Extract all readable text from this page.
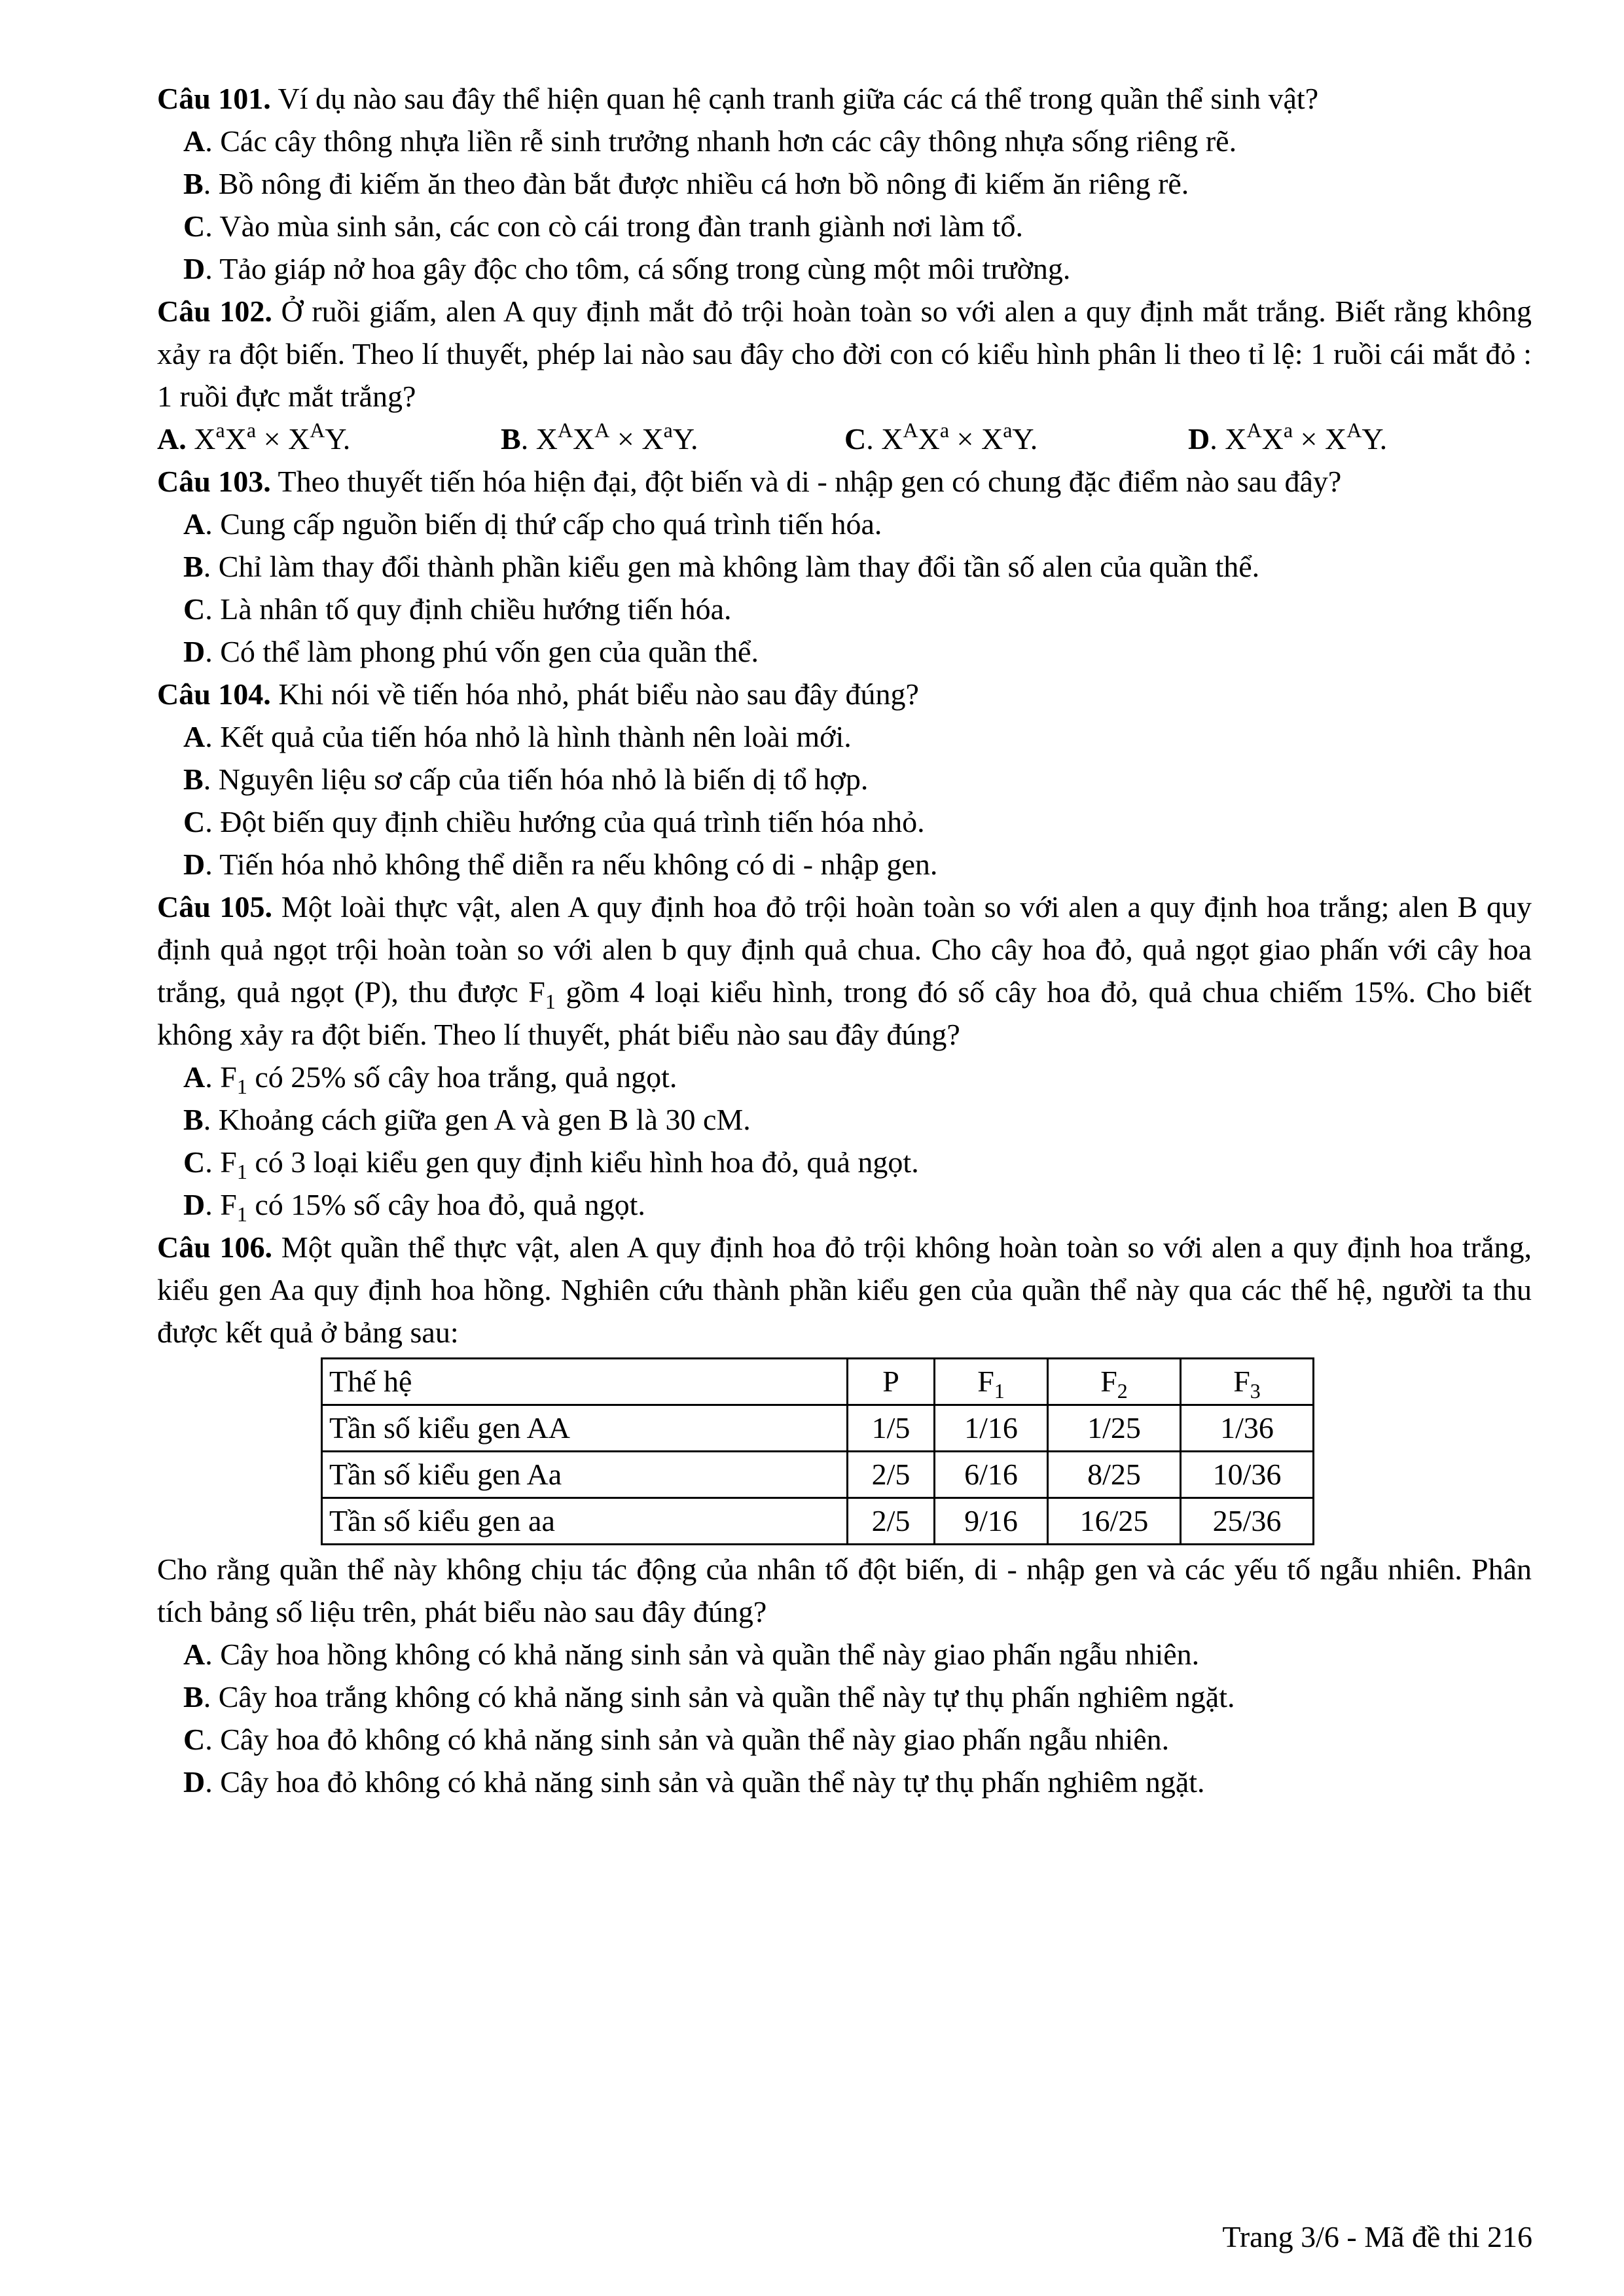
Câu 101. Ví dụ nào sau đây thể hiện quan hệ cạnh tranh giữa các cá thể trong quần thể sinh vật?

A. Các cây thông nhựa liền rễ sinh trưởng nhanh hơn các cây thông nhựa sống riêng rẽ.

B. Bồ nông đi kiếm ăn theo đàn bắt được nhiều cá hơn bồ nông đi kiếm ăn riêng rẽ.

C. Vào mùa sinh sản, các con cò cái trong đàn tranh giành nơi làm tổ.

D. Tảo giáp nở hoa gây độc cho tôm, cá sống trong cùng một môi trường.

Câu 102. Ở ruồi giấm, alen A quy định mắt đỏ trội hoàn toàn so với alen a quy định mắt trắng. Biết rằng không xảy ra đột biến. Theo lí thuyết, phép lai nào sau đây cho đời con có kiểu hình phân li theo tỉ lệ: 1 ruồi cái mắt đỏ : 1 ruồi đực mắt trắng?

A. $X^aX^a \times X^AY$.	B. $X^AX^A \times X^aY$.	C. $X^AX^a \times X^aY$.	D. $X^AX^a \times X^AY$.

Câu 103. Theo thuyết tiến hóa hiện đại, đột biến và di - nhập gen có chung đặc điểm nào sau đây?

A. Cung cấp nguồn biến dị thứ cấp cho quá trình tiến hóa.

B. Chỉ làm thay đổi thành phần kiểu gen mà không làm thay đổi tần số alen của quần thể.

C. Là nhân tố quy định chiều hướng tiến hóa.

D. Có thể làm phong phú vốn gen của quần thể.

Câu 104. Khi nói về tiến hóa nhỏ, phát biểu nào sau đây đúng?

A. Kết quả của tiến hóa nhỏ là hình thành nên loài mới.

B. Nguyên liệu sơ cấp của tiến hóa nhỏ là biến dị tổ hợp.

C. Đột biến quy định chiều hướng của quá trình tiến hóa nhỏ.

D. Tiến hóa nhỏ không thể diễn ra nếu không có di - nhập gen.

Câu 105. Một loài thực vật, alen A quy định hoa đỏ trội hoàn toàn so với alen a quy định hoa trắng; alen B quy định quả ngọt trội hoàn toàn so với alen b quy định quả chua. Cho cây hoa đỏ, quả ngọt giao phấn với cây hoa trắng, quả ngọt (P), thu được $F_1$ gồm 4 loại kiểu hình, trong đó số cây hoa đỏ, quả chua chiếm 15%. Cho biết không xảy ra đột biến. Theo lí thuyết, phát biểu nào sau đây đúng?

A. $F_1$ có 25% số cây hoa trắng, quả ngọt.

B. Khoảng cách giữa gen A và gen B là 30 cM.

C. $F_1$ có 3 loại kiểu gen quy định kiểu hình hoa đỏ, quả ngọt.

D. $F_1$ có 15% số cây hoa đỏ, quả ngọt.

Câu 106. Một quần thể thực vật, alen A quy định hoa đỏ trội không hoàn toàn so với alen a quy định hoa trắng, kiểu gen Aa quy định hoa hồng. Nghiên cứu thành phần kiểu gen của quần thể này qua các thế hệ, người ta thu được kết quả ở bảng sau:

Thế hệ	P	$F_1$	$F_2$	$F_3$
Tần số kiểu gen AA	1/5	1/16	1/25	1/36
Tần số kiểu gen Aa	2/5	6/16	8/25	10/36
Tần số kiểu gen aa	2/5	9/16	16/25	25/36

Cho rằng quần thể này không chịu tác động của nhân tố đột biến, di - nhập gen và các yếu tố ngẫu nhiên. Phân tích bảng số liệu trên, phát biểu nào sau đây đúng?

A. Cây hoa hồng không có khả năng sinh sản và quần thể này giao phấn ngẫu nhiên.

B. Cây hoa trắng không có khả năng sinh sản và quần thể này tự thụ phấn nghiêm ngặt.

C. Cây hoa đỏ không có khả năng sinh sản và quần thể này giao phấn ngẫu nhiên.

D. Cây hoa đỏ không có khả năng sinh sản và quần thể này tự thụ phấn nghiêm ngặt.

Trang 3/6 - Mã đề thi 216
